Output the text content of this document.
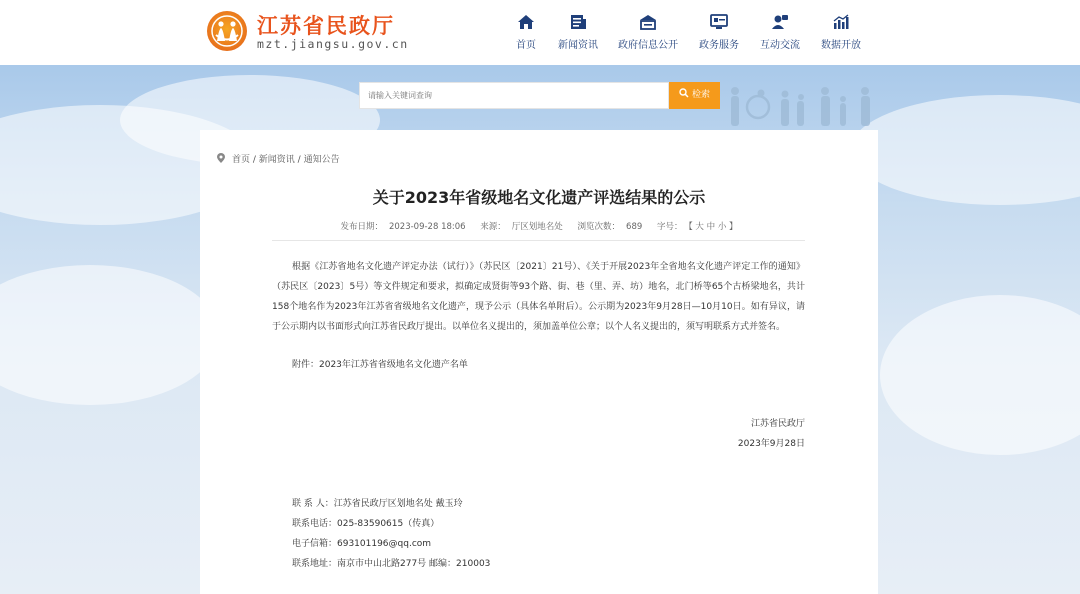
江苏省民政厅
mzt.jiangsu.gov.cn	首页	新闻资讯 政府信息公开 政务服务 互动交流 数据开放
请输入关键词查询
检索
首页 / 新闻资讯 / 通知公告
关于2023年省级地名文化遗产评选结果的公示
发布日期： 2023-09-28 18:06 来源： 厅区划地名处 浏览次数： 689 字号： 【 大 中 小 】

根据《江苏省地名文化遗产评定办法（试行）》（苏民区〔2021〕21号）、《关于开展2023年全省地名文化遗产评定工作的通知》（苏民区〔2023〕5号）等文件规定和要求，拟确定成贤街等93个路、街、巷（里、弄、坊）地名，北门桥等65个古桥梁地名，共计158个地名作为2023年江苏省省级地名文化遗产，现予公示（具体名单附后）。公示期为2023年9月28日—10月10日。如有异议，请于公示期内以书面形式向江苏省民政厅提出。以单位名义提出的，须加盖单位公章；以个人名义提出的，须写明联系方式并签名。

附件：2023年江苏省省级地名文化遗产名单
江苏省民政厅
2023年9月28日
联 系 人：江苏省民政厅区划地名处 戴玉玲
联系电话：025-83590615（传真）
电子信箱：693101196@qq.com
联系地址：南京市中山北路277号 邮编：210003
